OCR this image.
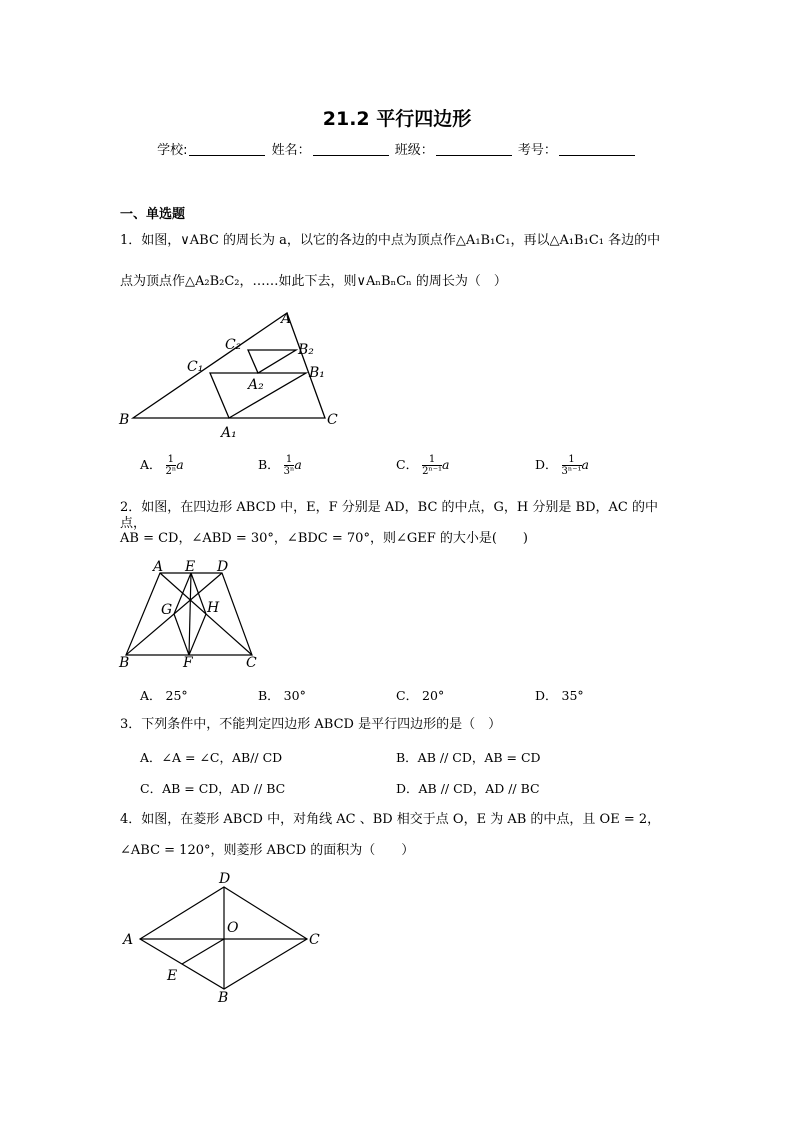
21.2 平行四边形
学校:	姓名：	班级：	考号：
一、单选题
1．如图，∨ABC 的周长为 a，以它的各边的中点为顶点作△A₁B₁C₁，再以△A₁B₁C₁ 各边的中
点为顶点作△A₂B₂C₂，……如此下去，则∨AₙBₙCₙ 的周长为（　）
A
C₂	B₂
C₁	B₁
A₂
B	C
A₁
A． $\frac{1}{\text{2ⁿ}}$ a	B． $\frac{1}{\text{3ⁿ}}$ a	C． $\frac{1}{\text{2ⁿ⁻¹}}$ a	D． $\frac{1}{\text{3ⁿ⁻¹}}$ a
2．如图，在四边形 ABCD 中，E，F 分别是 AD，BC 的中点，G，H 分别是 BD，AC 的中点，
AB = CD，∠ABD = 30°，∠BDC = 70°，则∠GEF 的大小是(　　)
A E D
G H
B	F	C
A． 25°	B． 30°	C． 20°	D． 35°
3．下列条件中，不能判定四边形 ABCD 是平行四边形的是（　）
A．∠A = ∠C，AB// CD	B．AB // CD，AB = CD
C．AB = CD，AD // BC	D．AB // CD，AD // BC
4．如图，在菱形 ABCD 中，对角线 AC 、BD 相交于点 O，E 为 AB 的中点，且 OE = 2，
∠ABC = 120°，则菱形 ABCD 的面积为（　　）
D
A
O
C
E
B
